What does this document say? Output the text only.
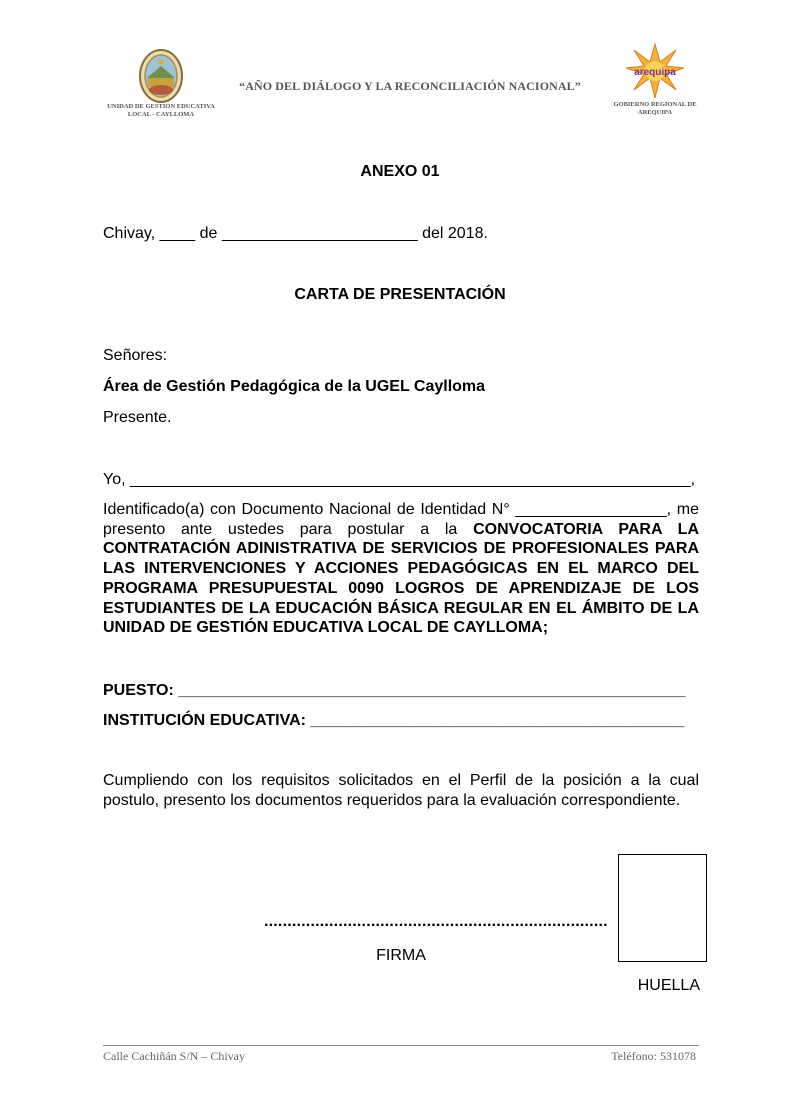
UNIDAD DE GESTIÓN EDUCATIVA
LOCAL - CAYLLOMA
“AÑO DEL DIÁLOGO Y LA RECONCILIACIÓN NACIONAL”
arequipa
GOBIERNO REGIONAL DE
AREQUIPA
ANEXO 01
Chivay, ____ de ______________________ del 2018.
CARTA DE PRESENTACIÓN
Señores:
Área de Gestión Pedagógica de la UGEL Caylloma
Presente.
Yo, _______________________________________________________________,

Identificado(a) con Documento Nacional de Identidad N° _________________, me presento ante ustedes para postular a la CONVOCATORIA PARA LA CONTRATACIÓN ADINISTRATIVA DE SERVICIOS DE PROFESIONALES PARA LAS INTERVENCIONES Y ACCIONES PEDAGÓGICAS EN EL MARCO DEL PROGRAMA PRESUPUESTAL 0090 LOGROS DE APRENDIZAJE DE LOS ESTUDIANTES DE LA EDUCACIÓN BÁSICA REGULAR EN EL ÁMBITO DE LA UNIDAD DE GESTIÓN EDUCATIVA LOCAL DE CAYLLOMA;

PUESTO: _________________________________________________________
INSTITUCIÓN EDUCATIVA: __________________________________________
Cumpliendo con los requisitos solicitados en el Perfil de la posición a la cual postulo, presento los documentos requeridos para la evaluación correspondiente.
..........................................................................
FIRMA
HUELLA
Calle Cachiñán S/N – Chivay	Teléfono: 531078
